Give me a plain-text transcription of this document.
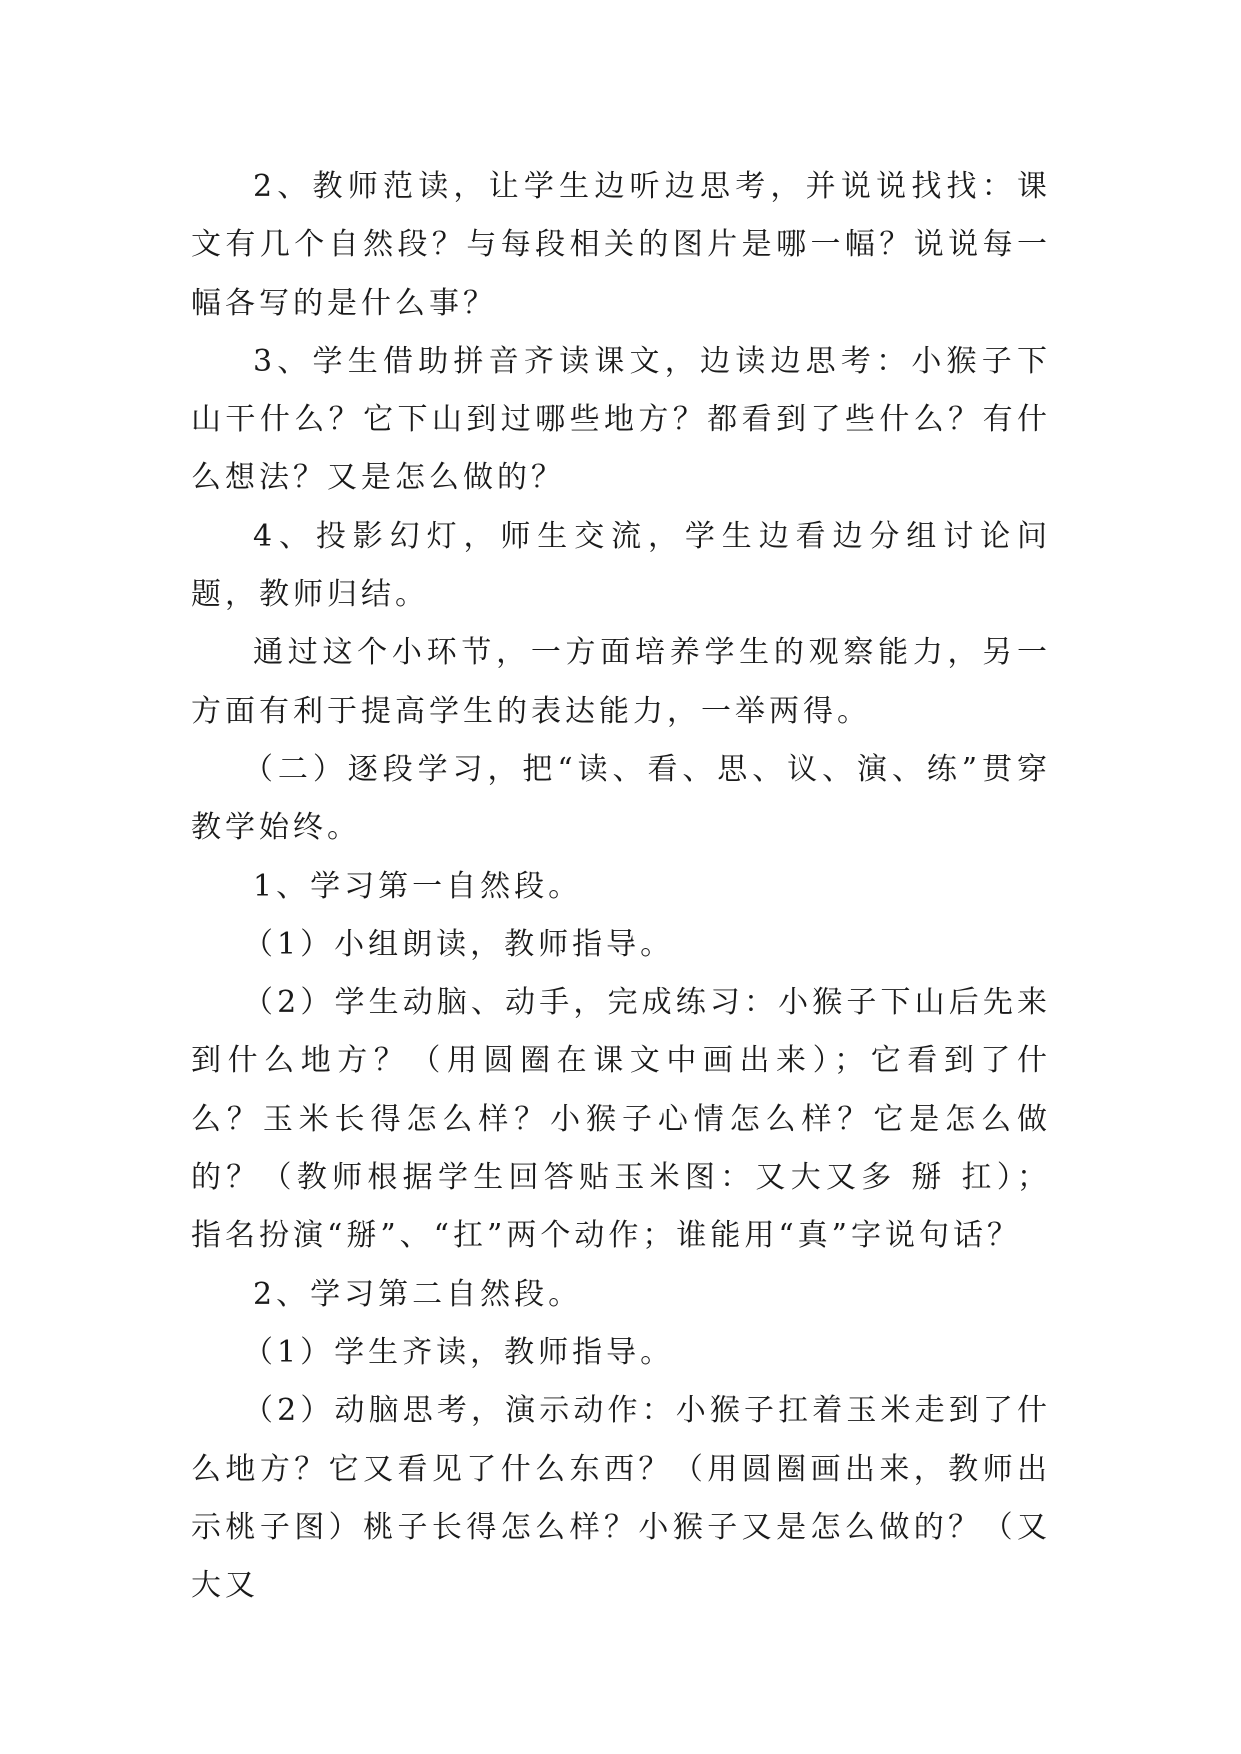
2、教师范读，让学生边听边思考，并说说找找：课文有几个自然段？与每段相关的图片是哪一幅？说说每一幅各写的是什么事？

3、学生借助拼音齐读课文，边读边思考：小猴子下山干什么？它下山到过哪些地方？都看到了些什么？有什么想法？又是怎么做的？

4、投影幻灯，师生交流，学生边看边分组讨论问题，教师归结。

通过这个小环节，一方面培养学生的观察能力，另一方面有利于提高学生的表达能力，一举两得。

（二）逐段学习，把“读、看、思、议、演、练”贯穿教学始终。

1、学习第一自然段。

（1）小组朗读，教师指导。

（2）学生动脑、动手，完成练习：小猴子下山后先来到什么地方？（用圆圈在课文中画出来）；它看到了什么？玉米长得怎么样？小猴子心情怎么样？它是怎么做的？（教师根据学生回答贴玉米图：又大又多 掰 扛）；指名扮演“掰”、“扛”两个动作；谁能用“真”字说句话？

2、学习第二自然段。

（1）学生齐读，教师指导。

（2）动脑思考，演示动作：小猴子扛着玉米走到了什么地方？它又看见了什么东西？（用圆圈画出来，教师出示桃子图）桃子长得怎么样？小猴子又是怎么做的？（又大又
